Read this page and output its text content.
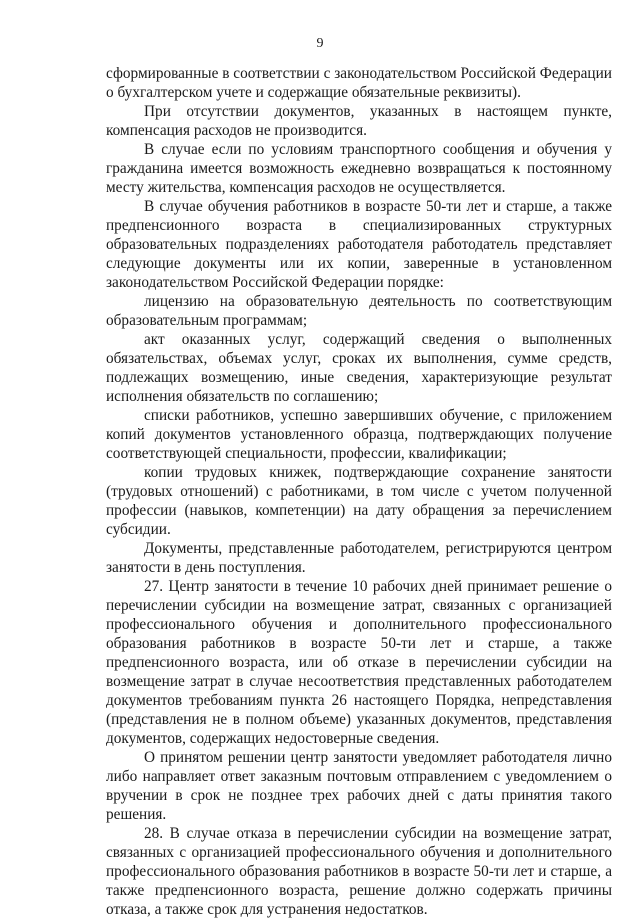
9

сформированные в соответствии с законодательством Российской Федерации о бухгалтерском учете и содержащие обязательные реквизиты).

При отсутствии документов, указанных в настоящем пункте, компенсация расходов не производится.

В случае если по условиям транспортного сообщения и обучения у гражданина имеется возможность ежедневно возвращаться к постоянному месту жительства, компенсация расходов не осуществляется.

В случае обучения работников в возрасте 50-ти лет и старше, а также предпенсионного возраста в специализированных структурных образовательных подразделениях работодателя работодатель представляет следующие документы или их копии, заверенные в установленном законодательством Российской Федерации порядке:

лицензию на образовательную деятельность по соответствующим образовательным программам;

акт оказанных услуг, содержащий сведения о выполненных обязательствах, объемах услуг, сроках их выполнения, сумме средств, подлежащих возмещению, иные сведения, характеризующие результат исполнения обязательств по соглашению;

списки работников, успешно завершивших обучение, с приложением копий документов установленного образца, подтверждающих получение соответствующей специальности, профессии, квалификации;

копии трудовых книжек, подтверждающие сохранение занятости (трудовых отношений) с работниками, в том числе с учетом полученной профессии (навыков, компетенции) на дату обращения за перечислением субсидии.

Документы, представленные работодателем, регистрируются центром занятости в день поступления.

27. Центр занятости в течение 10 рабочих дней принимает решение о перечислении субсидии на возмещение затрат, связанных с организацией профессионального обучения и дополнительного профессионального образования работников в возрасте 50-ти лет и старше, а также предпенсионного возраста, или об отказе в перечислении субсидии на возмещение затрат в случае несоответствия представленных работодателем документов требованиям пункта 26 настоящего Порядка, непредставления (представления не в полном объеме) указанных документов, представления документов, содержащих недостоверные сведения.

О принятом решении центр занятости уведомляет работодателя лично либо направляет ответ заказным почтовым отправлением с уведомлением о вручении в срок не позднее трех рабочих дней с даты принятия такого решения.

28. В случае отказа в перечислении субсидии на возмещение затрат, связанных с организацией профессионального обучения и дополнительного профессионального образования работников в возрасте 50-ти лет и старше, а также предпенсионного возраста, решение должно содержать причины отказа, а также срок для устранения недостатков.
